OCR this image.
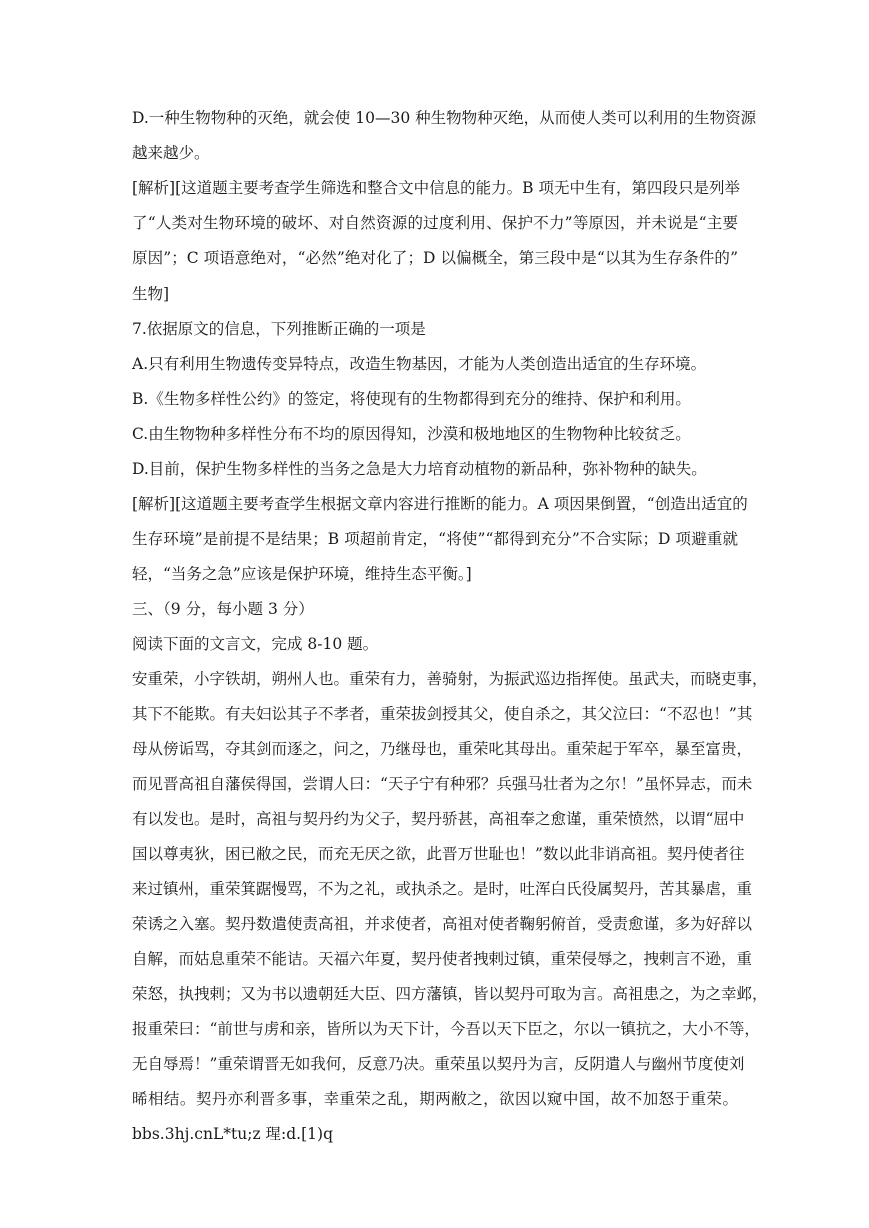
D.一种生物物种的灭绝，就会使 10—30 种生物物种灭绝，从而使人类可以利用的生物资源
越来越少。
[解析][这道题主要考查学生筛选和整合文中信息的能力。B 项无中生有，第四段只是列举
了“人类对生物环境的破坏、对自然资源的过度利用、保护不力”等原因，并未说是“主要
原因”；C 项语意绝对，“必然”绝对化了；D 以偏概全，第三段中是“以其为生存条件的”
生物]
7.依据原文的信息，下列推断正确的一项是
A.只有利用生物遗传变异特点，改造生物基因，才能为人类创造出适宜的生存环境。
B.《生物多样性公约》的签定，将使现有的生物都得到充分的维持、保护和利用。
C.由生物物种多样性分布不均的原因得知，沙漠和极地地区的生物物种比较贫乏。
D.目前，保护生物多样性的当务之急是大力培育动植物的新品种，弥补物种的缺失。
[解析][这道题主要考查学生根据文章内容进行推断的能力。A 项因果倒置，“创造出适宜的
生存环境”是前提不是结果；B 项超前肯定，“将使”“都得到充分”不合实际；D 项避重就
轻，“当务之急”应该是保护环境，维持生态平衡。]
三、（9 分，每小题 3 分）
阅读下面的文言文，完成 8-10 题。
安重荣，小字铁胡，朔州人也。重荣有力，善骑射，为振武巡边指挥使。虽武夫，而晓吏事，
其下不能欺。有夫妇讼其子不孝者，重荣拔剑授其父，使自杀之，其父泣曰：“不忍也！”其
母从傍诟骂，夺其剑而逐之，问之，乃继母也，重荣叱其母出。重荣起于军卒，暴至富贵，
而见晋高祖自藩侯得国，尝谓人曰：“天子宁有种邪？兵强马壮者为之尔！”虽怀异志，而未
有以发也。是时，高祖与契丹约为父子，契丹骄甚，高祖奉之愈谨，重荣愤然，以谓“屈中
国以尊夷狄，困已敝之民，而充无厌之欲，此晋万世耻也！”数以此非诮高祖。契丹使者往
来过镇州，重荣箕踞慢骂，不为之礼，或执杀之。是时，吐浑白氏役属契丹，苦其暴虐，重
荣诱之入塞。契丹数遣使责高祖，并求使者，高祖对使者鞠躬俯首，受责愈谨，多为好辞以
自解，而姑息重荣不能诘。天福六年夏，契丹使者拽剌过镇，重荣侵辱之，拽剌言不逊，重
荣怒，执拽剌；又为书以遗朝廷大臣、四方藩镇，皆以契丹可取为言。高祖患之，为之幸邺，
报重荣曰：“前世与虏和亲，皆所以为天下计，今吾以天下臣之，尔以一镇抗之，大小不等，
无自辱焉！”重荣谓晋无如我何，反意乃决。重荣虽以契丹为言，反阴遣人与幽州节度使刘
晞相结。契丹亦利晋多事，幸重荣之乱，期两敝之，欲因以窥中国，故不加怒于重荣。
bbs.3hj.cnL*tu;z 瑆:d.[1)q
